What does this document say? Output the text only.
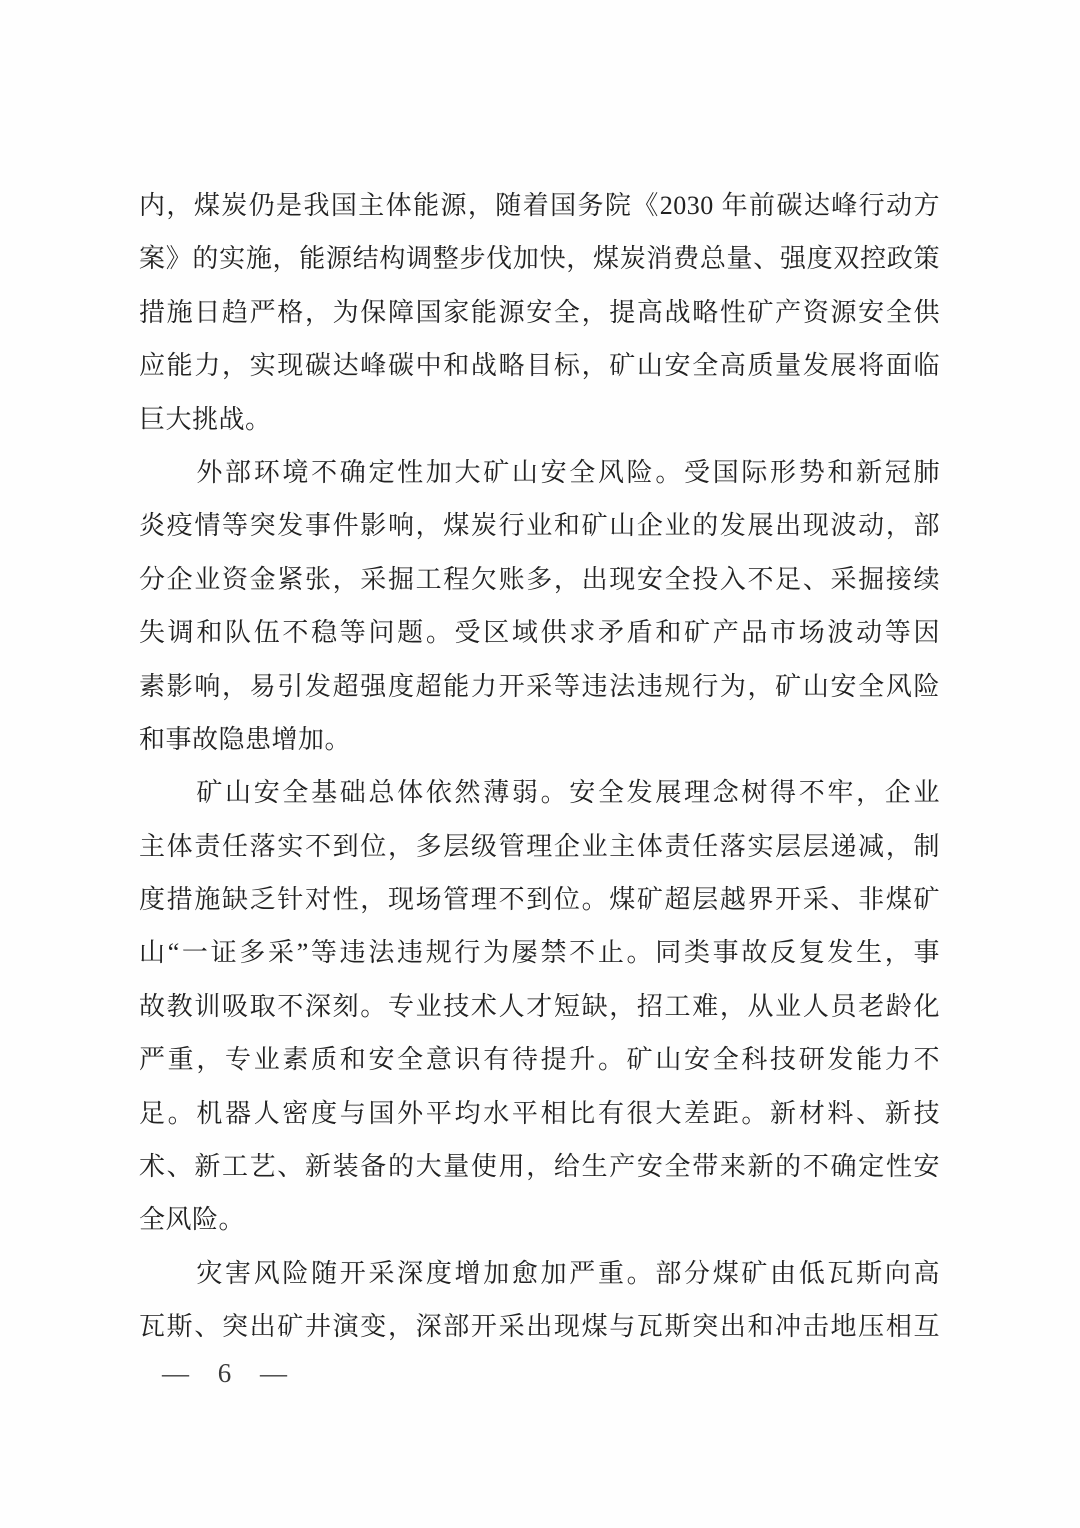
内，煤炭仍是我国主体能源，随着国务院《2030 年前碳达峰行动方
案》的实施，能源结构调整步伐加快，煤炭消费总量、强度双控政策
措施日趋严格，为保障国家能源安全，提高战略性矿产资源安全供
应能力，实现碳达峰碳中和战略目标，矿山安全高质量发展将面临
巨大挑战。
　　外部环境不确定性加大矿山安全风险。受国际形势和新冠肺
炎疫情等突发事件影响，煤炭行业和矿山企业的发展出现波动，部
分企业资金紧张，采掘工程欠账多，出现安全投入不足、采掘接续
失调和队伍不稳等问题。受区域供求矛盾和矿产品市场波动等因
素影响，易引发超强度超能力开采等违法违规行为，矿山安全风险
和事故隐患增加。
　　矿山安全基础总体依然薄弱。安全发展理念树得不牢，企业
主体责任落实不到位，多层级管理企业主体责任落实层层递减，制
度措施缺乏针对性，现场管理不到位。煤矿超层越界开采、非煤矿
山“一证多采”等违法违规行为屡禁不止。同类事故反复发生，事
故教训吸取不深刻。专业技术人才短缺，招工难，从业人员老龄化
严重，专业素质和安全意识有待提升。矿山安全科技研发能力不
足。机器人密度与国外平均水平相比有很大差距。新材料、新技
术、新工艺、新装备的大量使用，给生产安全带来新的不确定性安
全风险。
　　灾害风险随开采深度增加愈加严重。部分煤矿由低瓦斯向高
瓦斯、突出矿井演变，深部开采出现煤与瓦斯突出和冲击地压相互
— 6 —
